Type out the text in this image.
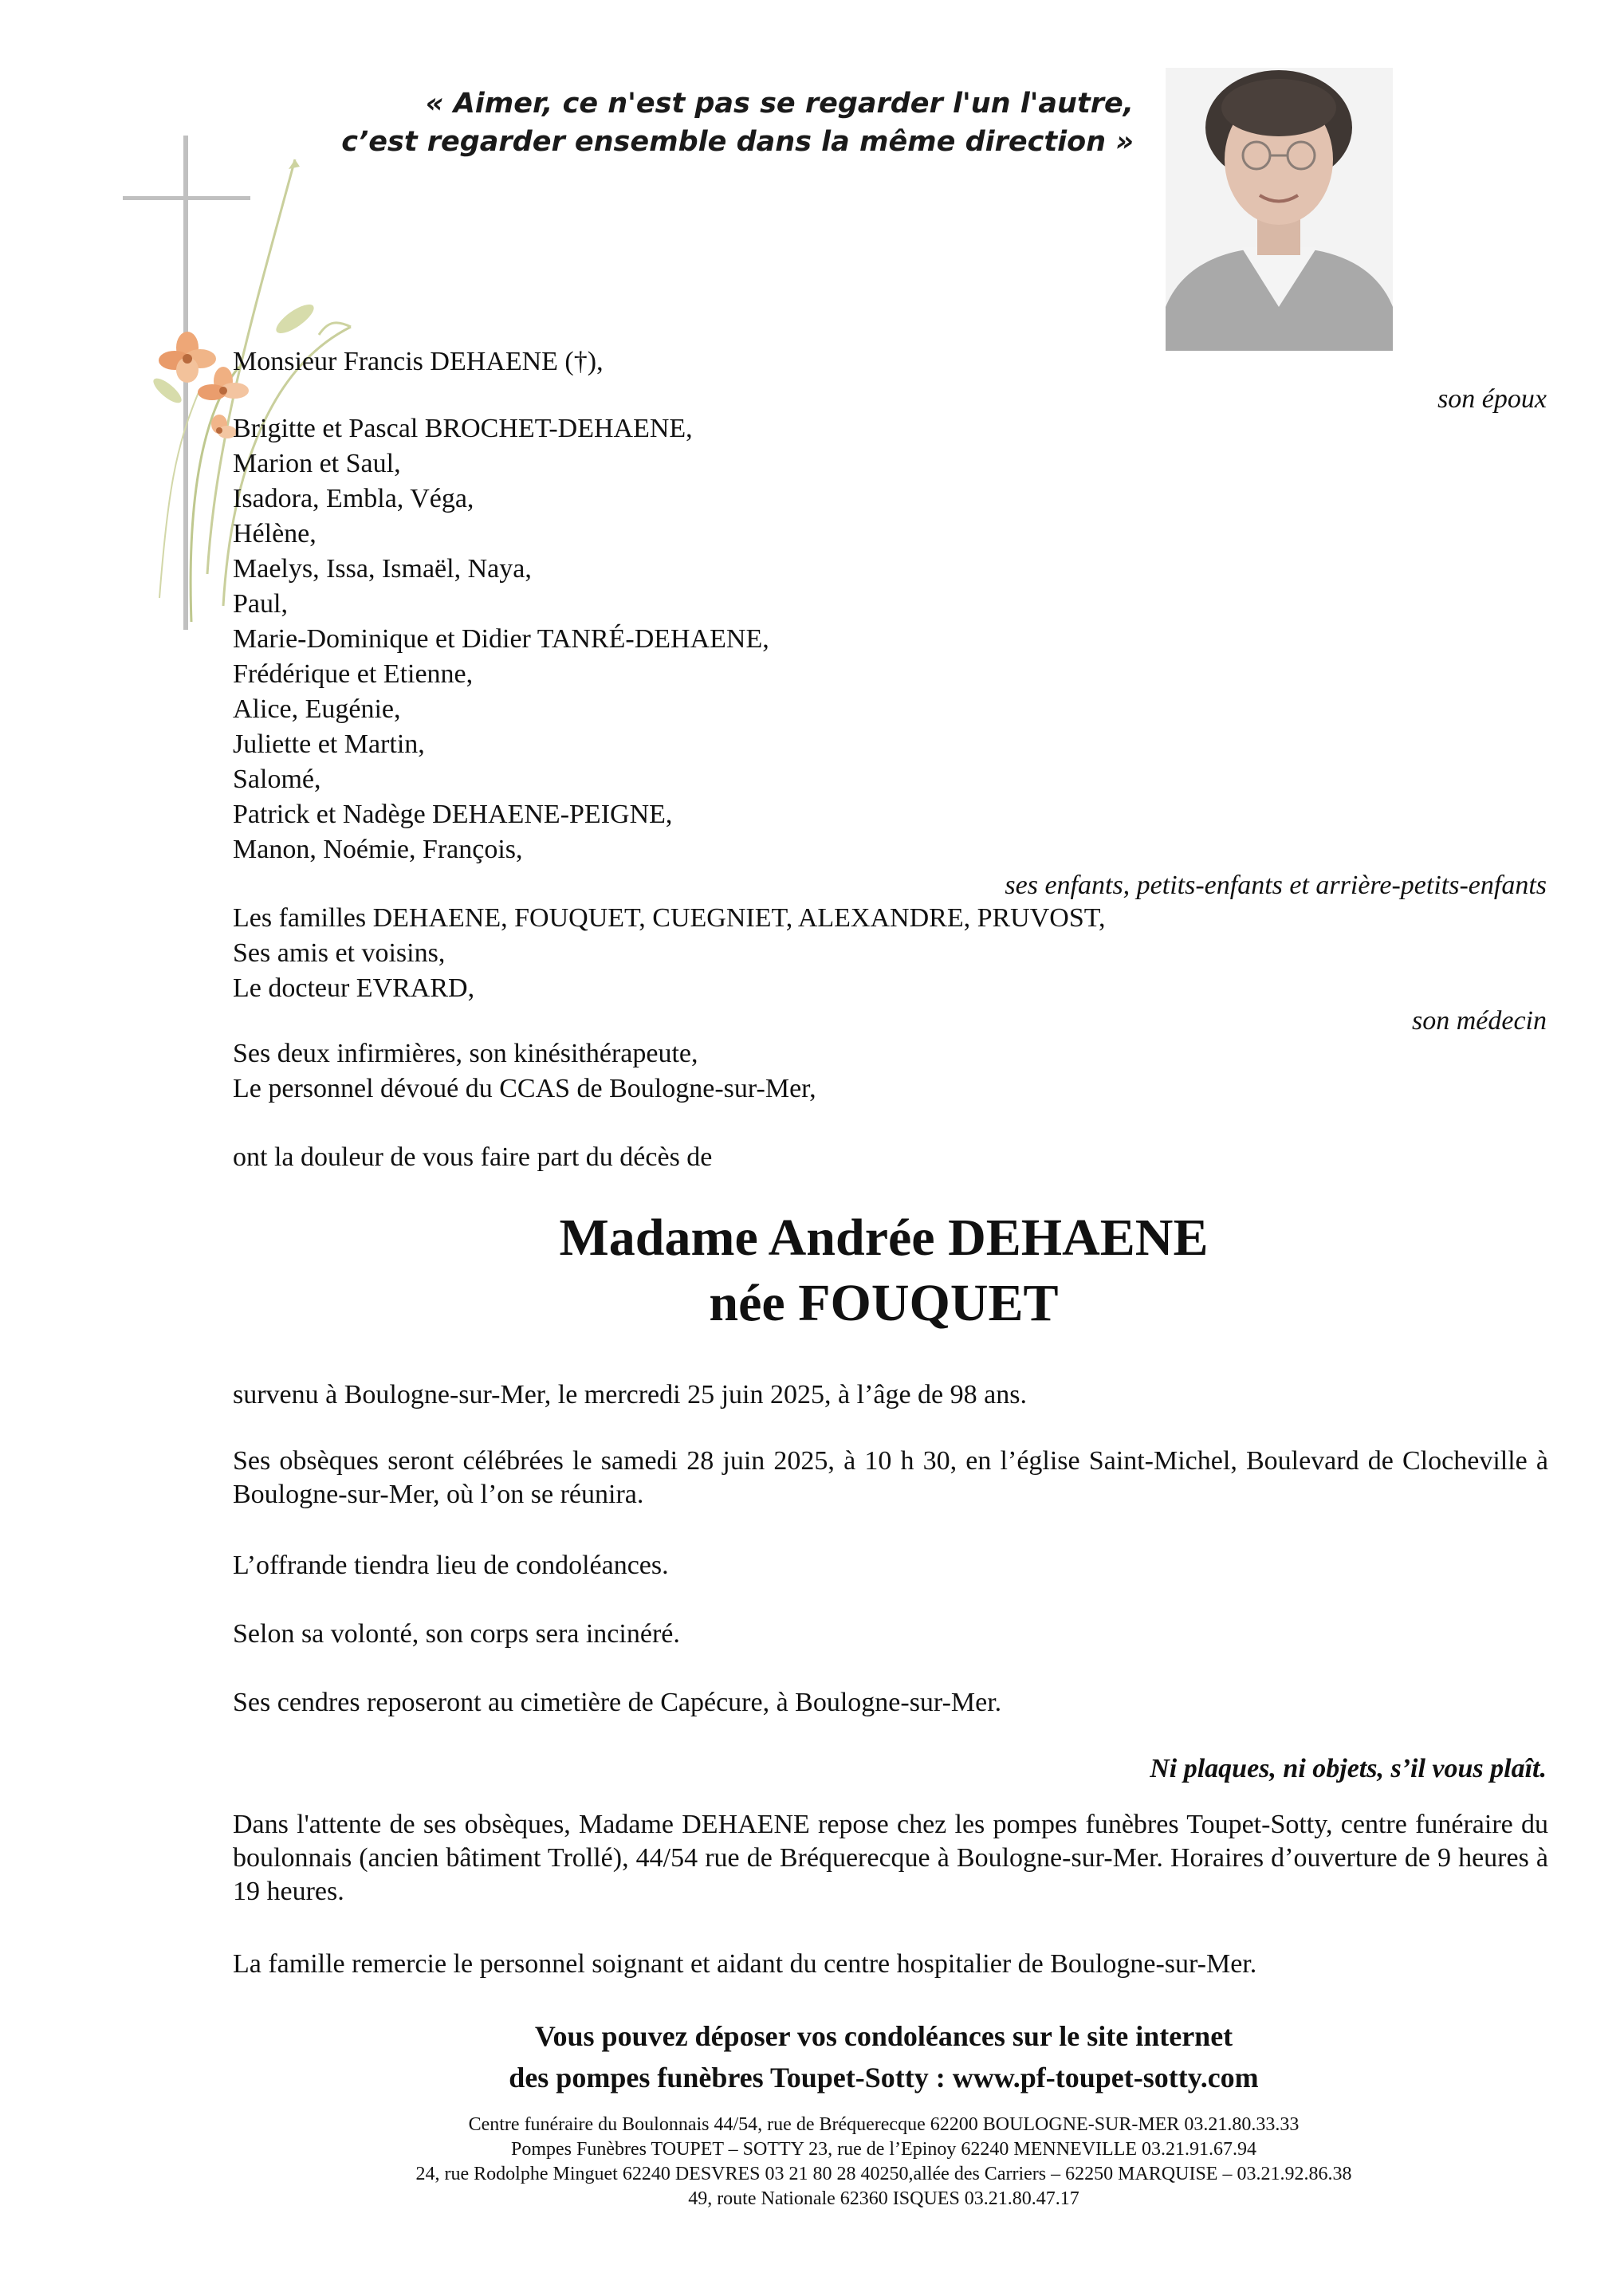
« Aimer, ce n'est pas se regarder l'un l'autre,
c’est regarder ensemble dans la même direction »
Monsieur Francis DEHAENE (†),
son époux
Brigitte et Pascal BROCHET-DEHAENE,
Marion et Saul,
Isadora, Embla, Véga,
Hélène,
Maelys, Issa, Ismaël, Naya,
Paul,
Marie-Dominique et Didier TANRÉ-DEHAENE,
Frédérique et Etienne,
Alice, Eugénie,
Juliette et Martin,
Salomé,
Patrick et Nadège DEHAENE-PEIGNE,
Manon, Noémie, François,
ses enfants, petits-enfants et arrière-petits-enfants
Les familles DEHAENE, FOUQUET, CUEGNIET, ALEXANDRE, PRUVOST,
Ses amis et voisins,
Le docteur EVRARD,
son médecin
Ses deux infirmières, son kinésithérapeute,
Le personnel dévoué du CCAS de Boulogne-sur-Mer,
ont la douleur de vous faire part du décès de
Madame Andrée DEHAENE
née FOUQUET
survenu à Boulogne-sur-Mer, le mercredi 25 juin 2025, à l’âge de 98 ans.
Ses obsèques seront célébrées le samedi 28 juin 2025, à 10 h 30, en l’église Saint-Michel, Boulevard de Clocheville à Boulogne-sur-Mer, où l’on se réunira.
L’offrande tiendra lieu de condoléances.
Selon sa volonté, son corps sera incinéré.
Ses cendres reposeront au cimetière de Capécure, à Boulogne-sur-Mer.
Ni plaques, ni objets, s’il vous plaît.
Dans l'attente de ses obsèques, Madame DEHAENE repose chez les pompes funèbres Toupet-Sotty, centre funéraire du boulonnais (ancien bâtiment Trollé), 44/54 rue de Bréquerecque à Boulogne-sur-Mer. Horaires d’ouverture de 9 heures à 19 heures.
La famille remercie le personnel soignant et aidant du centre hospitalier de Boulogne-sur-Mer.
Vous pouvez déposer vos condoléances sur le site internet
des pompes funèbres Toupet-Sotty : www.pf-toupet-sotty.com
Centre funéraire du Boulonnais 44/54, rue de Bréquerecque 62200 BOULOGNE-SUR-MER 03.21.80.33.33
Pompes Funèbres TOUPET – SOTTY 23, rue de l’Epinoy 62240 MENNEVILLE 03.21.91.67.94
24, rue Rodolphe Minguet 62240 DESVRES 03 21 80 28 40250,allée des Carriers – 62250 MARQUISE – 03.21.92.86.38
49, route Nationale 62360 ISQUES 03.21.80.47.17
